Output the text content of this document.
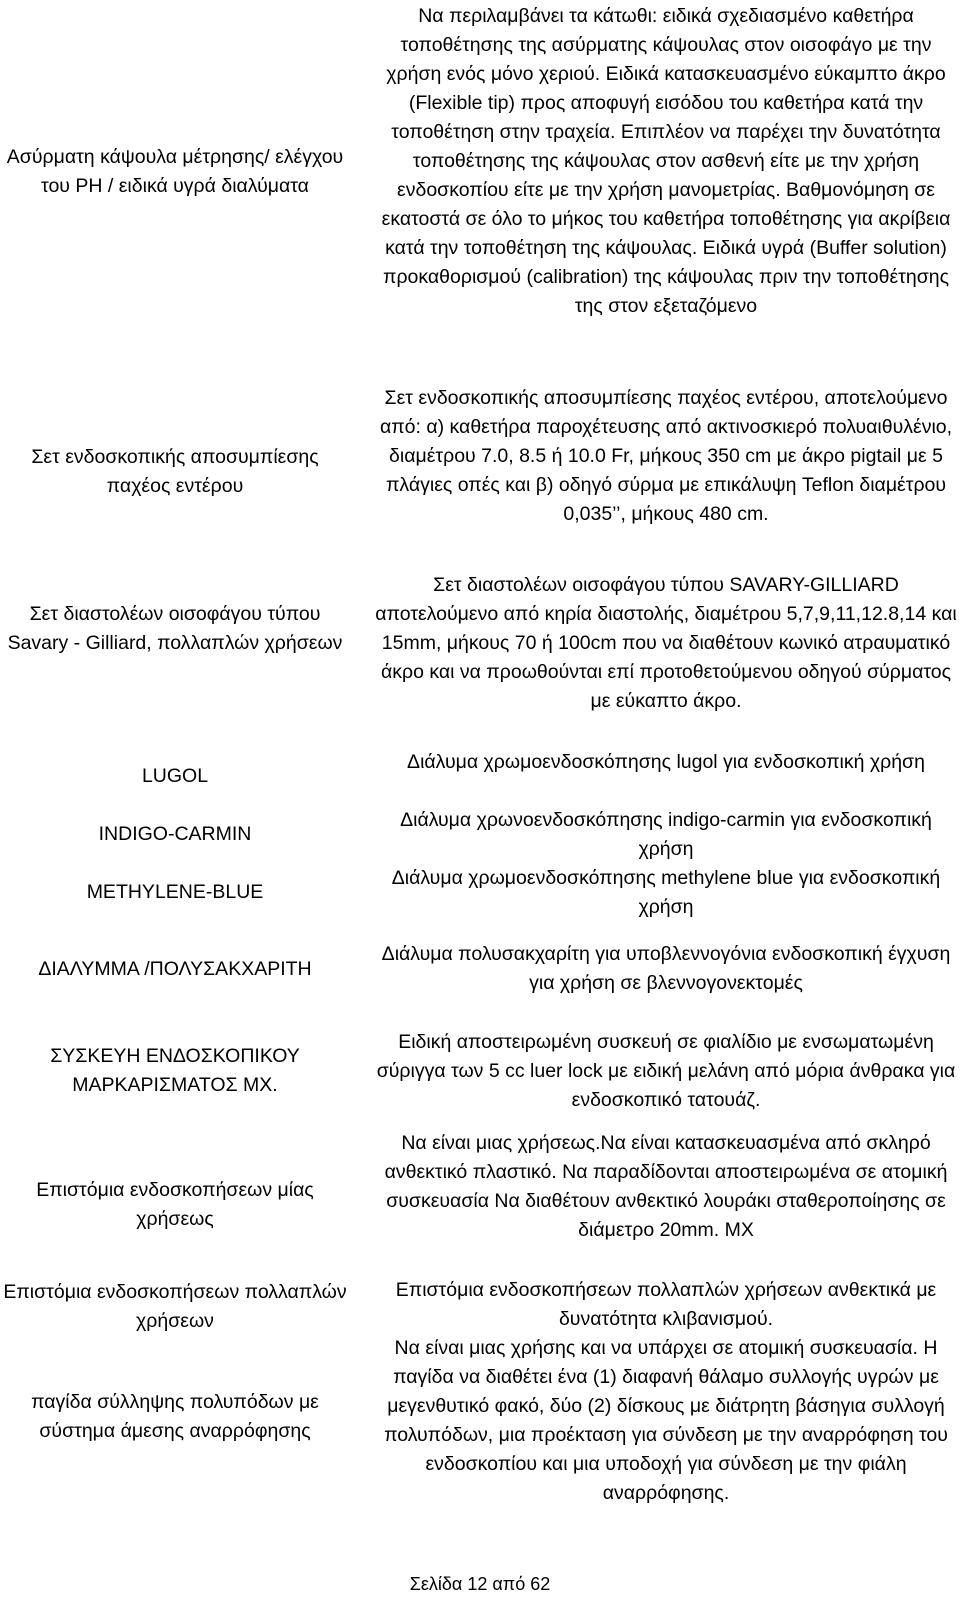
Ασύρματη κάψουλα μέτρησης/ ελέγχου του PH / ειδικά υγρά διαλύματα

Να περιλαμβάνει τα κάτωθι: ειδικά σχεδιασμένο καθετήρα τοποθέτησης της ασύρματης κάψουλας στον οισοφάγο με την χρήση ενός μόνο χεριού. Ειδικά κατασκευασμένο εύκαμπτο άκρο (Flexible tip) προς αποφυγή εισόδου του καθετήρα κατά την τοποθέτηση στην τραχεία. Επιπλέον να παρέχει την δυνατότητα τοποθέτησης της κάψουλας στον ασθενή είτε με την χρήση ενδοσκοπίου είτε με την χρήση μανομετρίας. Βαθμονόμηση σε εκατοστά σε όλο το μήκος του καθετήρα τοποθέτησης για ακρίβεια κατά την τοποθέτηση της κάψουλας. Ειδικά υγρά (Buffer solution) προκαθορισμού (calibration) της κάψουλας πριν την τοποθέτησης της στον εξεταζόμενο

Σετ ενδοσκοπικής αποσυμπίεσης παχέος εντέρου

Σετ ενδοσκοπικής αποσυμπίεσης παχέος εντέρου, αποτελούμενο από: α) καθετήρα παροχέτευσης από ακτινοσκιερό πολυαιθυλένιο, διαμέτρου 7.0, 8.5 ή 10.0 Fr, μήκους 350 cm με άκρο pigtail με 5 πλάγιες οπές και β) οδηγό σύρμα με επικάλυψη Teflon διαμέτρου 0,035’’, μήκους 480 cm.

Σετ διαστολέων οισοφάγου τύπου Savary - Gilliard, πολλαπλών χρήσεων

Σετ διαστολέων οισοφάγου τύπου SAVARY-GILLIARD αποτελούμενο από κηρία διαστολής, διαμέτρου 5,7,9,11,12.8,14 και 15mm, μήκους 70 ή 100cm που να διαθέτουν κωνικό ατραυματικό άκρο και να προωθούνται επί προτοθετούμενου οδηγού σύρματος με εύκαπτο άκρο.

LUGOL

Διάλυμα χρωμοενδοσκόπησης lugol για ενδοσκοπική χρήση

INDIGO-CARMIN

Διάλυμα χρωνοενδοσκόπησης indigo-carmin για ενδοσκοπική χρήση

METHYLENE-BLUE

Διάλυμα χρωμοενδοσκόπησης methylene blue για ενδοσκοπική χρήση

ΔΙΑΛΥΜΜΑ /ΠΟΛΥΣΑΚΧΑΡΙΤΗ

Διάλυμα πολυσακχαρίτη για υποβλεννογόνια ενδοσκοπική έγχυση για χρήση σε βλεννογονεκτομές

ΣΥΣΚΕΥΗ ΕΝΔΟΣΚΟΠΙΚΟΥ ΜΑΡΚΑΡΙΣΜΑΤΟΣ ΜΧ.

Ειδική αποστειρωμένη συσκευή σε φιαλίδιο με ενσωματωμένη σύριγγα των 5 cc luer lock με ειδική μελάνη από μόρια άνθρακα για ενδοσκοπικό τατουάζ.

Επιστόμια ενδοσκοπήσεων μίας χρήσεως

Να είναι μιας χρήσεως.Να είναι κατασκευασμένα από σκληρό ανθεκτικό πλαστικό. Να παραδίδονται αποστειρωμένα σε ατομική συσκευασία Να διαθέτουν ανθεκτικό λουράκι σταθεροποίησης σε διάμετρο 20mm. ΜΧ

Επιστόμια ενδοσκοπήσεων πολλαπλών χρήσεων

Επιστόμια ενδοσκοπήσεων πολλαπλών χρήσεων ανθεκτικά με δυνατότητα κλιβανισμού.

παγίδα σύλληψης πολυπόδων με σύστημα άμεσης αναρρόφησης

Να είναι μιας χρήσης και να υπάρχει σε ατομική συσκευασία. Η παγίδα να διαθέτει ένα (1) διαφανή θάλαμο συλλογής υγρών με μεγενθυτικό φακό, δύο (2) δίσκους με διάτρητη βάσηγια συλλογή πολυπόδων, μια προέκταση για σύνδεση με την αναρρόφηση του ενδοσκοπίου και μια υποδοχή για σύνδεση με την φιάλη αναρρόφησης.

Σελίδα 12 από 62
